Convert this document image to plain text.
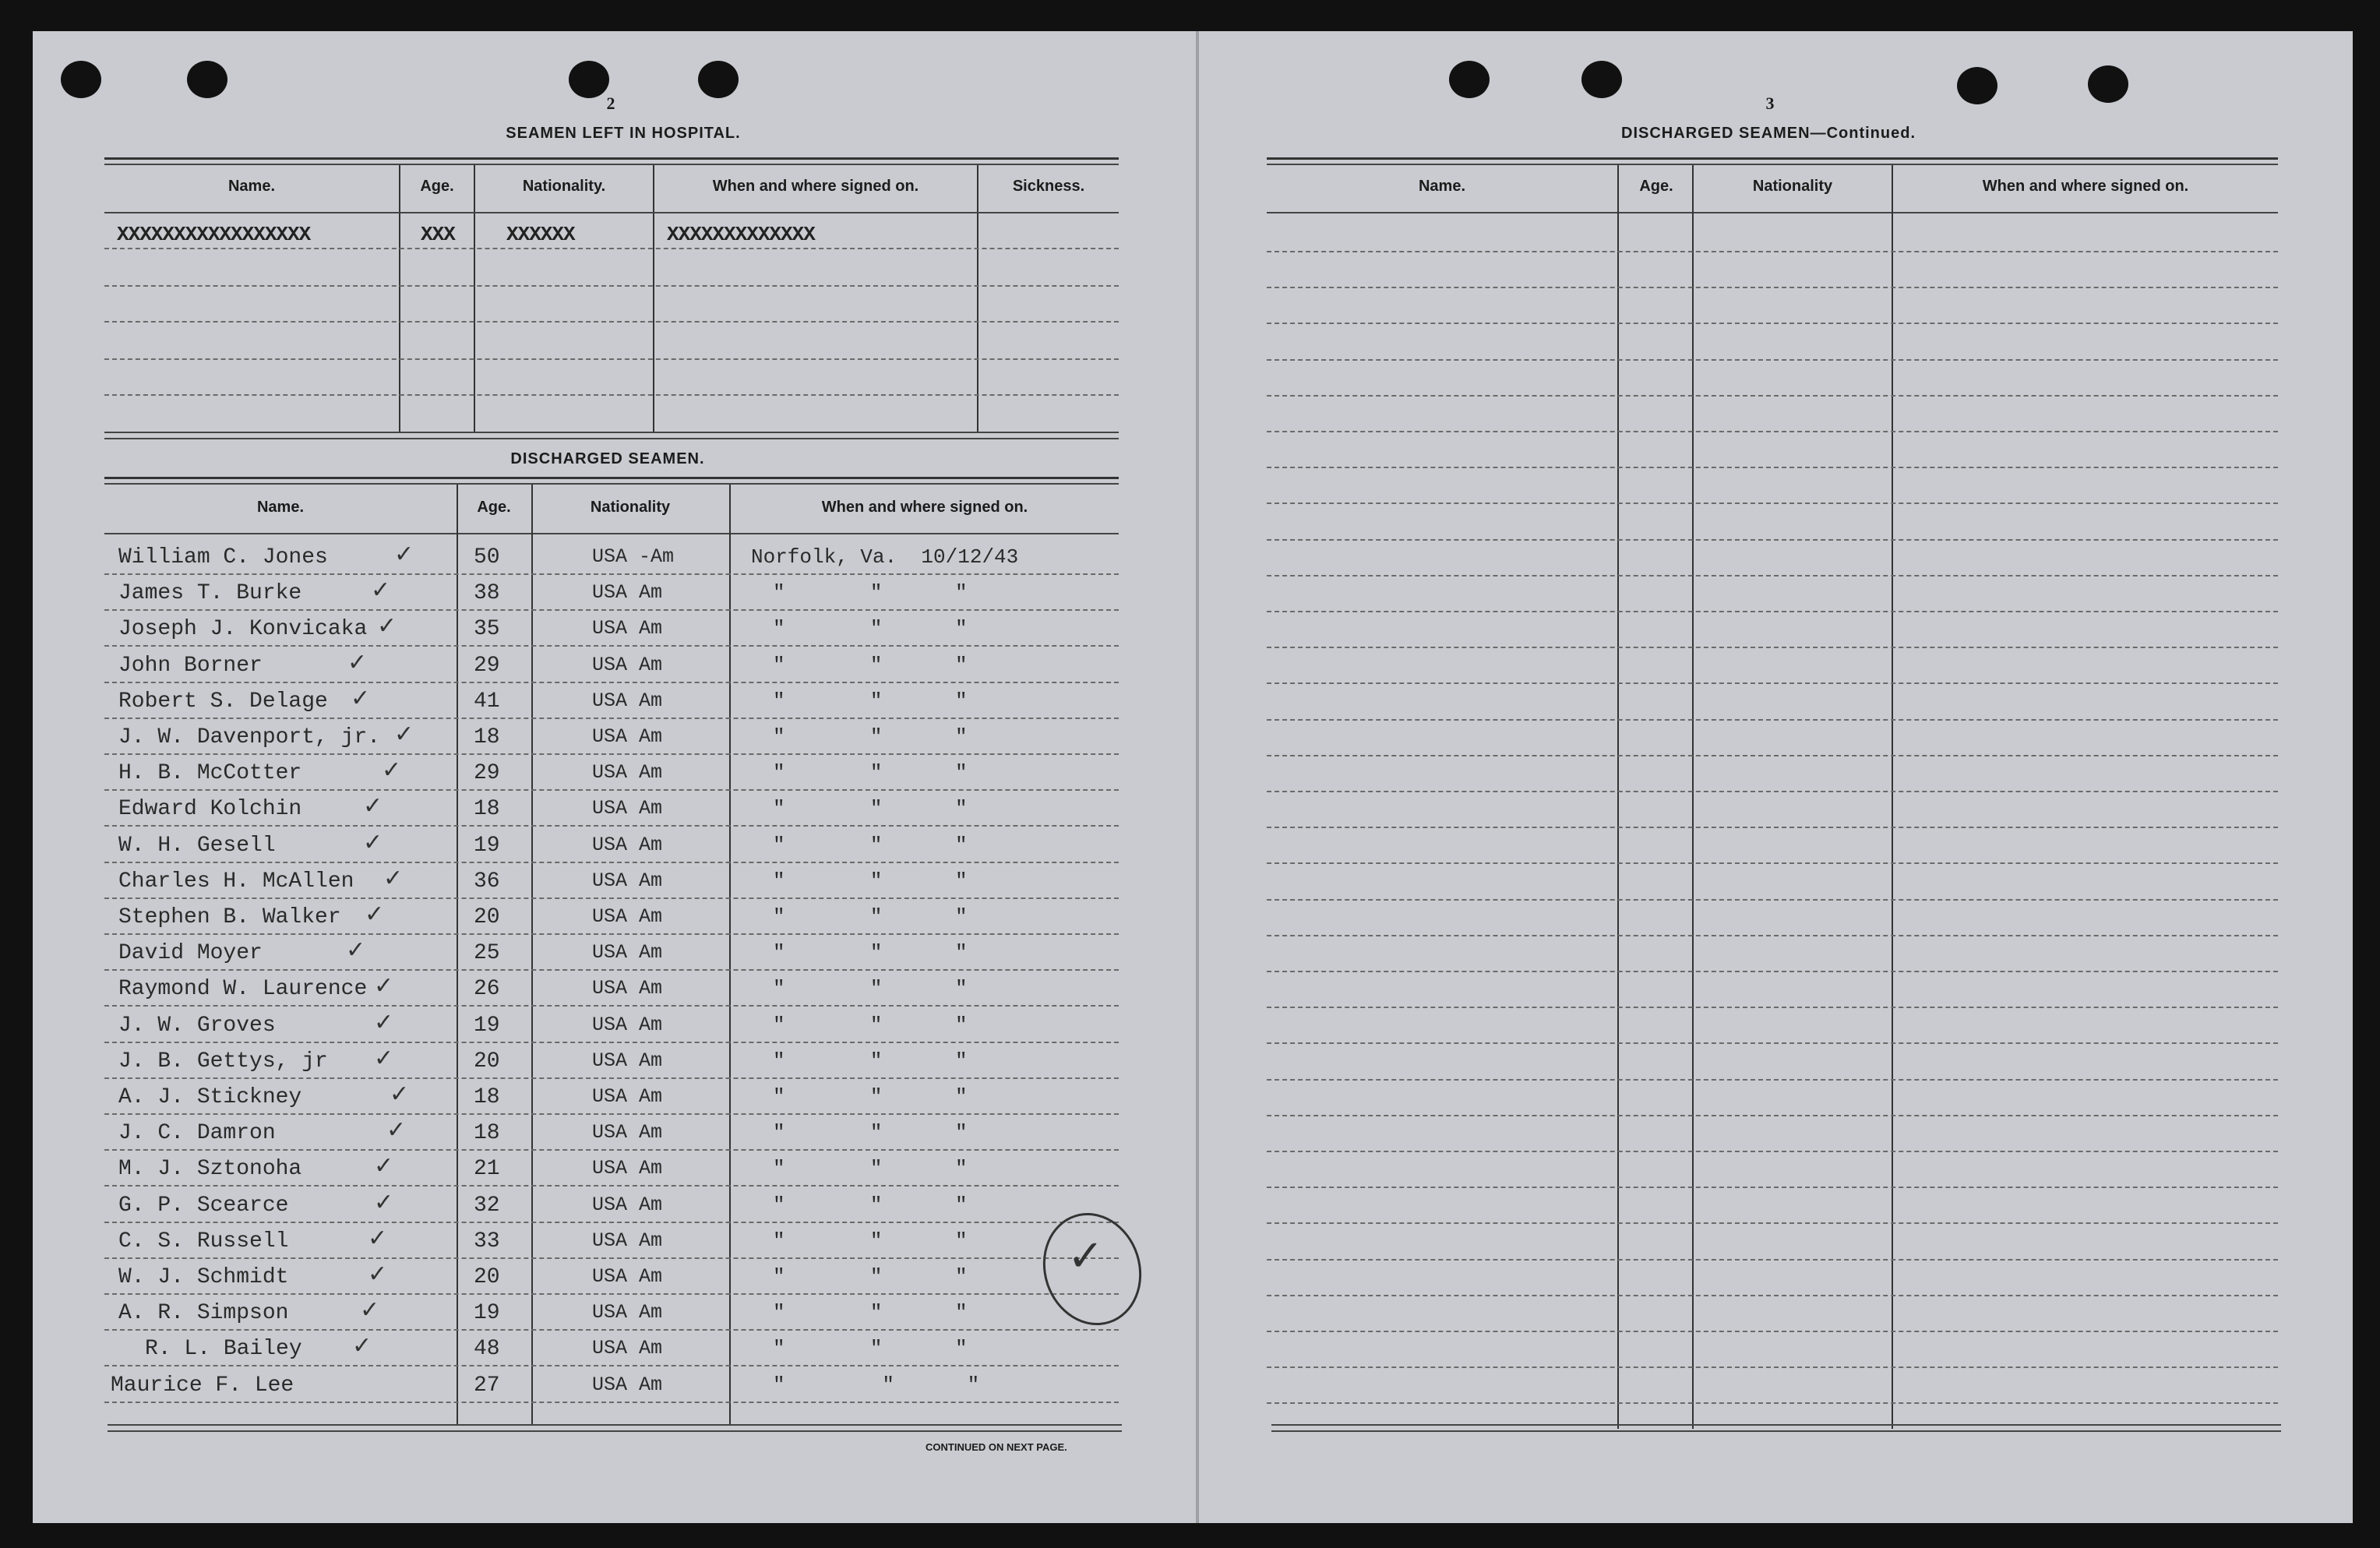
2
SEAMEN LEFT IN HOSPITAL.
Name.	Age.	Nationality.	When and where signed on.	Sickness.
XXXXXXXXXXXXXXXXX	XXX	XXXXXX	XXXXXXXXXXXXX
DISCHARGED SEAMEN.
Name.	Age.	Nationality	When and where signed on.
William C. Jones	50	USA -Am	Norfolk, Va.  10/12/43
James T. Burke	38	USA Am	"       "      "
Joseph J. Konvicaka	35	USA Am	"       "      "
John Borner	29	USA Am	"       "      "
Robert S. Delage	41	USA Am	"       "      "
J. W. Davenport, jr.	18	USA Am	"       "      "
H. B. McCotter	29	USA Am	"       "      "
Edward Kolchin	18	USA Am	"       "      "
W. H. Gesell	19	USA Am	"       "      "
Charles H. McAllen	36	USA Am	"       "      "
Stephen B. Walker	20	USA Am	"       "      "
David Moyer	25	USA Am	"       "      "
Raymond W. Laurence	26	USA Am	"       "      "
J. W. Groves	19	USA Am	"       "      "
J. B. Gettys, jr	20	USA Am	"       "      "
A. J. Stickney	18	USA Am	"       "      "
J. C. Damron	18	USA Am	"       "      "
M. J. Sztonoha	21	USA Am	"       "      "
G. P. Scearce	32	USA Am	"       "      "
C. S. Russell	33	USA Am	"       "      "
W. J. Schmidt	20	USA Am	"       "      "
A. R. Simpson	19	USA Am	"       "      "
R. L. Bailey	48	USA Am	"       "      "
Maurice F. Lee	27	USA Am	"        "      "
CONTINUED ON NEXT PAGE.
✓
✓
✓
✓
✓
✓
✓
✓
✓
✓
✓
✓
✓
✓
✓
✓
✓
✓
✓
✓
✓
✓
✓
✓
3
DISCHARGED SEAMEN—Continued.
Name.	Age.	Nationality	When and where signed on.
